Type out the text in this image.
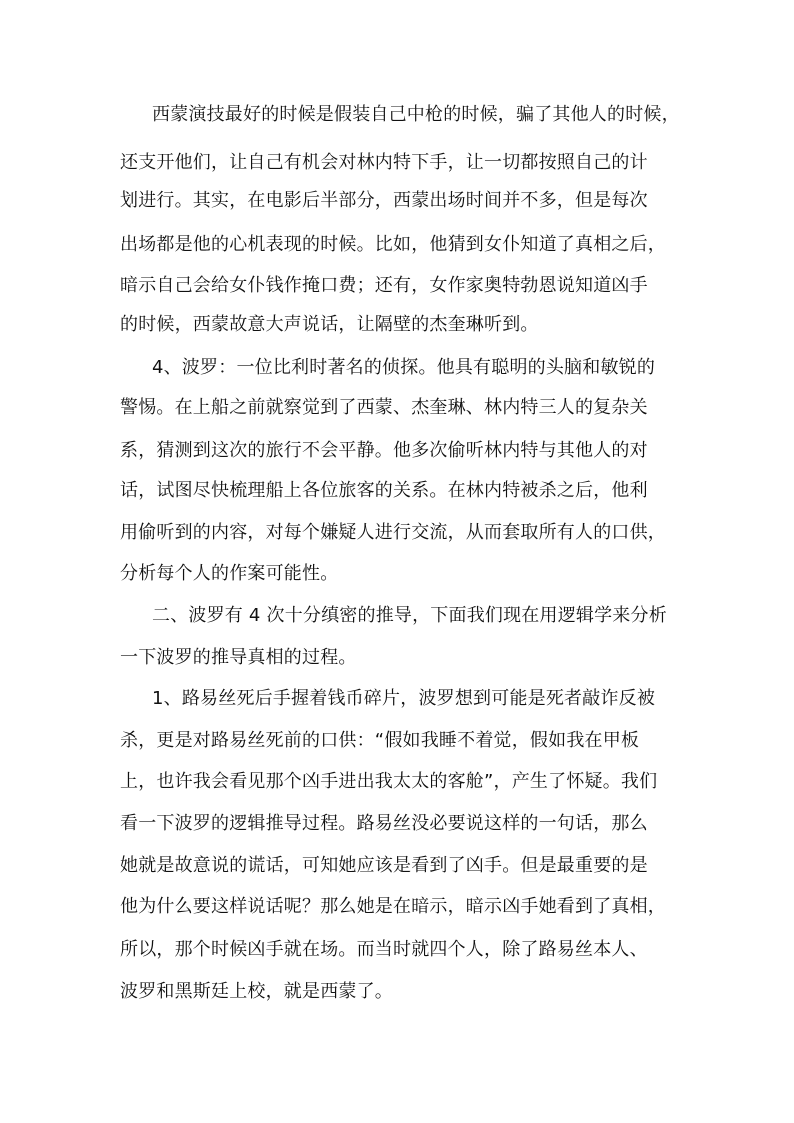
西蒙演技最好的时候是假装自己中枪的时候，骗了其他人的时候，
还支开他们，让自己有机会对林内特下手，让一切都按照自己的计
划进行。其实，在电影后半部分，西蒙出场时间并不多，但是每次
出场都是他的心机表现的时候。比如，他猜到女仆知道了真相之后，
暗示自己会给女仆钱作掩口费；还有，女作家奥特勃恩说知道凶手
的时候，西蒙故意大声说话，让隔壁的杰奎琳听到。
4、波罗：一位比利时著名的侦探。他具有聪明的头脑和敏锐的
警惕。在上船之前就察觉到了西蒙、杰奎琳、林内特三人的复杂关
系，猜测到这次的旅行不会平静。他多次偷听林内特与其他人的对
话，试图尽快梳理船上各位旅客的关系。在林内特被杀之后，他利
用偷听到的内容，对每个嫌疑人进行交流，从而套取所有人的口供，
分析每个人的作案可能性。
二、波罗有 4 次十分缜密的推导，下面我们现在用逻辑学来分析
一下波罗的推导真相的过程。
1、路易丝死后手握着钱币碎片，波罗想到可能是死者敲诈反被
杀，更是对路易丝死前的口供：“假如我睡不着觉，假如我在甲板
上，也许我会看见那个凶手进出我太太的客舱”，产生了怀疑。我们
看一下波罗的逻辑推导过程。路易丝没必要说这样的一句话，那么
她就是故意说的谎话，可知她应该是看到了凶手。但是最重要的是
他为什么要这样说话呢？那么她是在暗示，暗示凶手她看到了真相，
所以，那个时候凶手就在场。而当时就四个人，除了路易丝本人、
波罗和黑斯廷上校，就是西蒙了。
